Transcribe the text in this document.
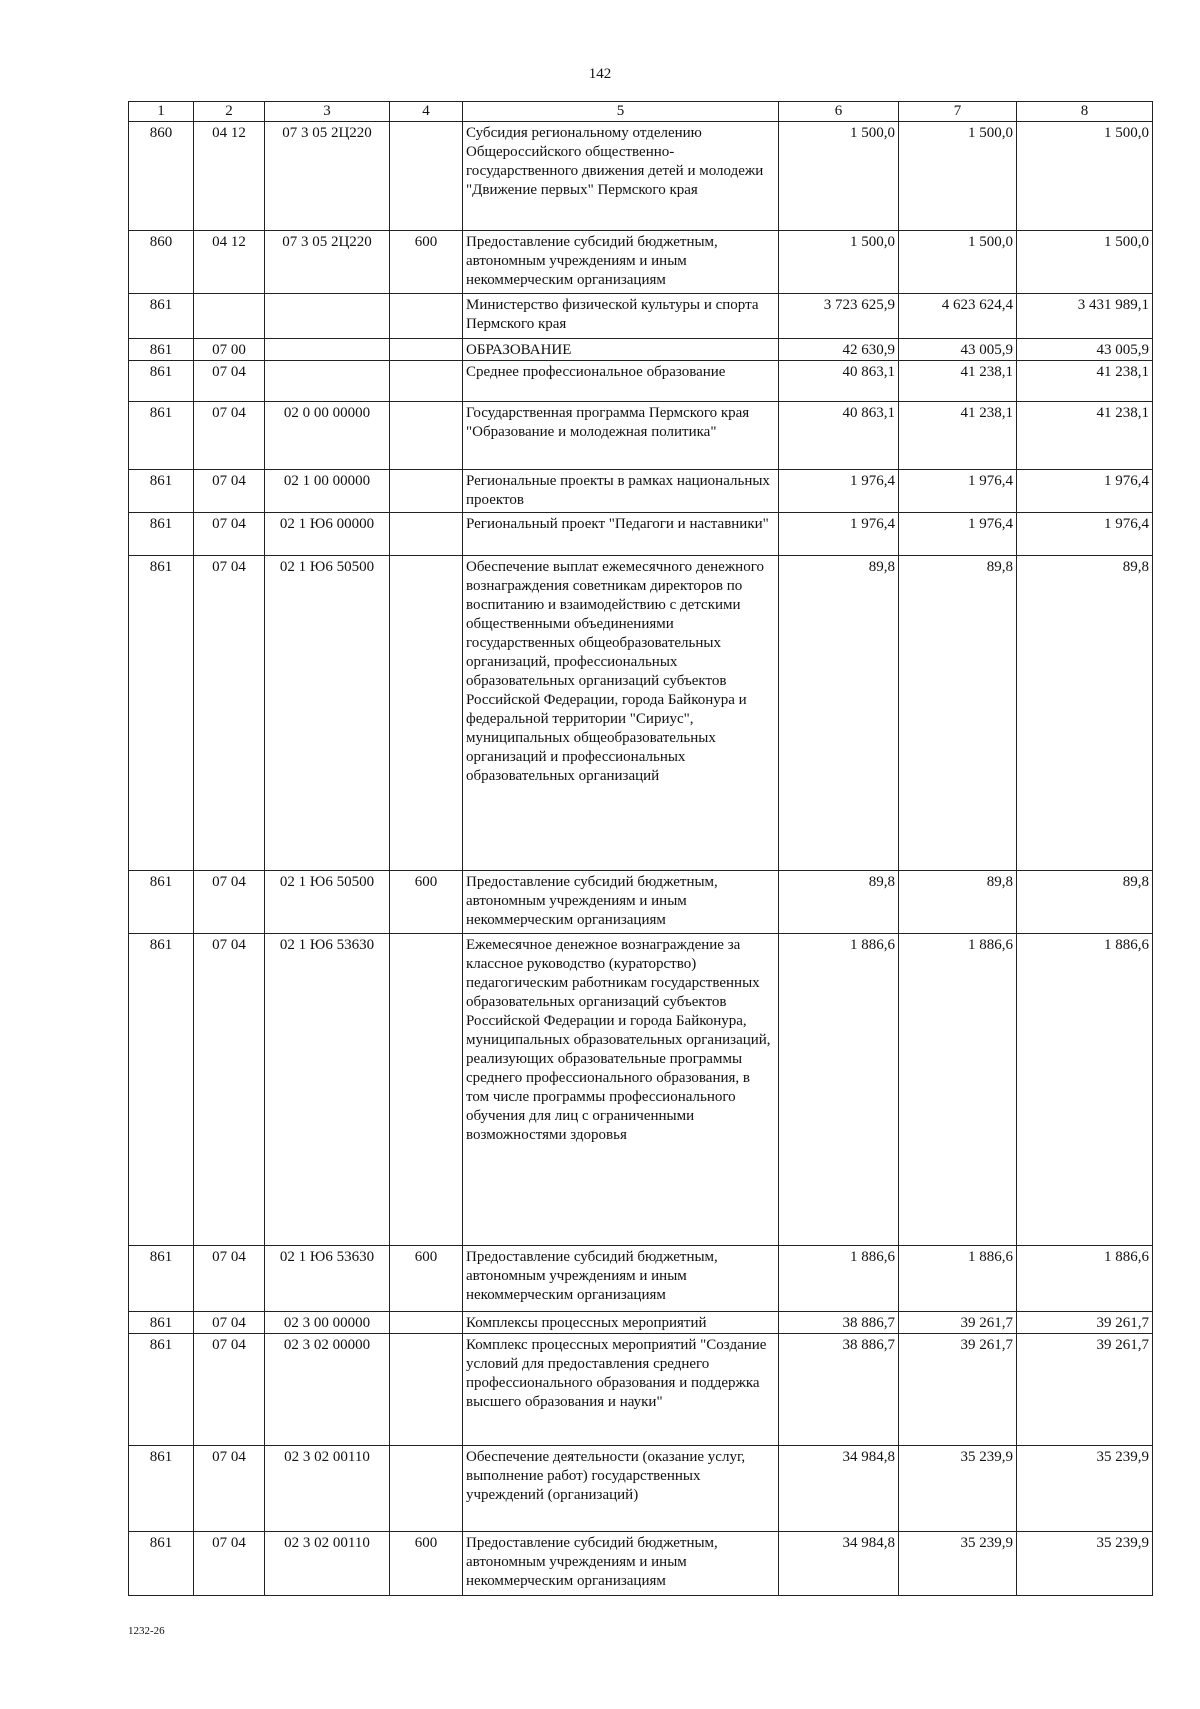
142
1	2	3	4	5	6	7	8
860	04 12	07 3 05 2Ц220		Субсидия региональному отделению Общероссийского общественно-государственного движения детей и молодежи "Движение первых" Пермского края	1 500,0	1 500,0	1 500,0
860	04 12	07 3 05 2Ц220	600	Предоставление субсидий бюджетным, автономным учреждениям и иным некоммерческим организациям	1 500,0	1 500,0	1 500,0
861				Министерство физической культуры и спорта Пермского края	3 723 625,9	4 623 624,4	3 431 989,1
861	07 00			ОБРАЗОВАНИЕ	42 630,9	43 005,9	43 005,9
861	07 04			Среднее профессиональное образование	40 863,1	41 238,1	41 238,1
861	07 04	02 0 00 00000		Государственная программа Пермского края "Образование и молодежная политика"	40 863,1	41 238,1	41 238,1
861	07 04	02 1 00 00000		Региональные проекты в рамках национальных проектов	1 976,4	1 976,4	1 976,4
861	07 04	02 1 Ю6 00000		Региональный проект "Педагоги и наставники"	1 976,4	1 976,4	1 976,4
861	07 04	02 1 Ю6 50500		Обеспечение выплат ежемесячного денежного вознаграждения советникам директоров по воспитанию и взаимодействию с детскими общественными объединениями государственных общеобразовательных организаций, профессиональных образовательных организаций субъектов Российской Федерации, города Байконура и федеральной территории "Сириус", муниципальных общеобразовательных организаций и профессиональных образовательных организаций	89,8	89,8	89,8
861	07 04	02 1 Ю6 50500	600	Предоставление субсидий бюджетным, автономным учреждениям и иным некоммерческим организациям	89,8	89,8	89,8
861	07 04	02 1 Ю6 53630		Ежемесячное денежное вознаграждение за классное руководство (кураторство) педагогическим работникам государственных образовательных организаций субъектов Российской Федерации и города Байконура, муниципальных образовательных организаций, реализующих образовательные программы среднего профессионального образования, в том числе программы профессионального обучения для лиц с ограниченными возможностями здоровья	1 886,6	1 886,6	1 886,6
861	07 04	02 1 Ю6 53630	600	Предоставление субсидий бюджетным, автономным учреждениям и иным некоммерческим организациям	1 886,6	1 886,6	1 886,6
861	07 04	02 3 00 00000		Комплексы процессных мероприятий	38 886,7	39 261,7	39 261,7
861	07 04	02 3 02 00000		Комплекс процессных мероприятий "Создание условий для предоставления среднего профессионального образования и поддержка высшего образования и науки"	38 886,7	39 261,7	39 261,7
861	07 04	02 3 02 00110		Обеспечение деятельности (оказание услуг, выполнение работ) государственных учреждений (организаций)	34 984,8	35 239,9	35 239,9
861	07 04	02 3 02 00110	600	Предоставление субсидий бюджетным, автономным учреждениям и иным некоммерческим организациям	34 984,8	35 239,9	35 239,9
1232-26
